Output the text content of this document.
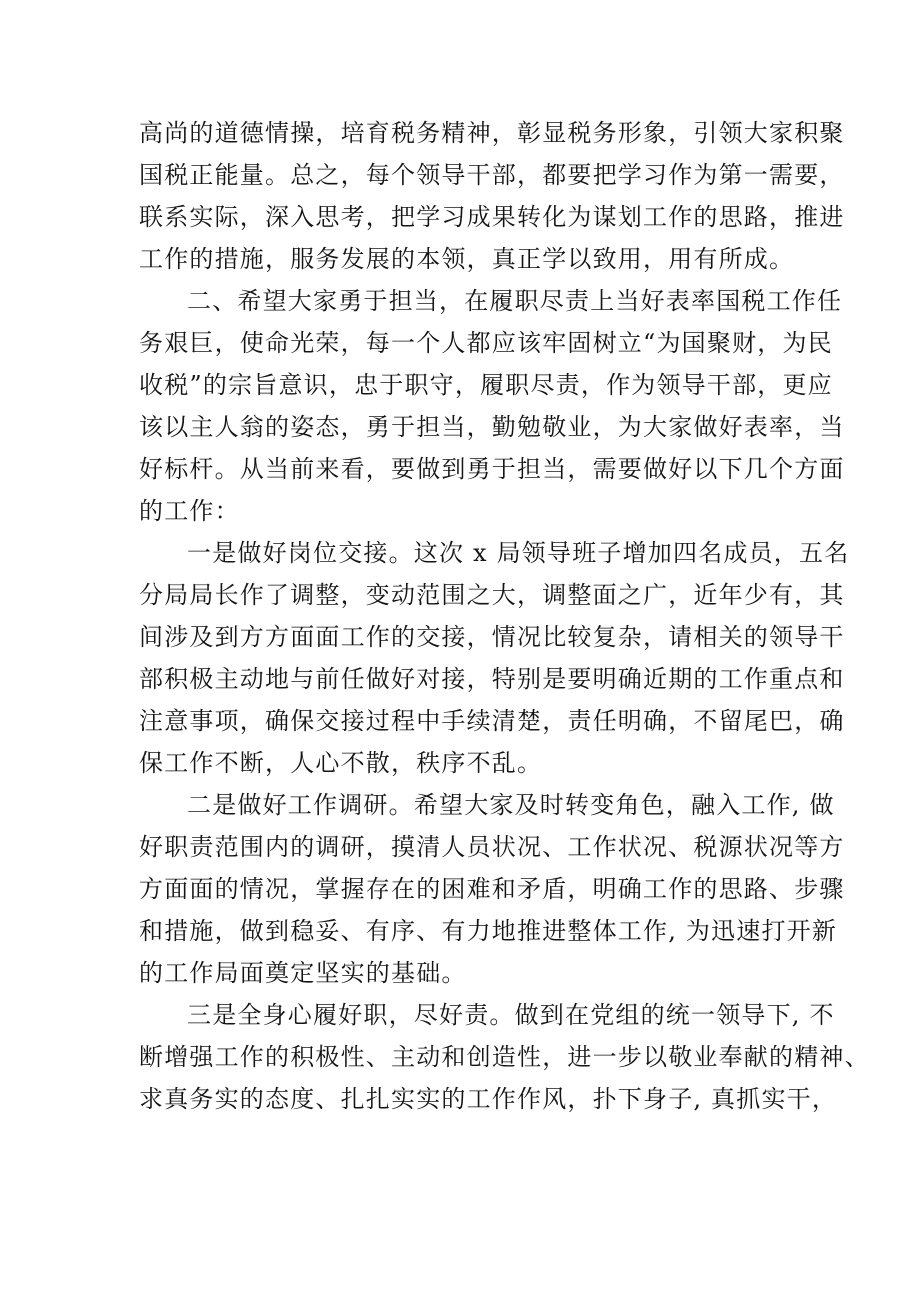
高尚的道德情操，培育税务精神，彰显税务形象，引领大家积聚
国税正能量。总之，每个领导干部，都要把学习作为第一需要，
联系实际，深入思考，把学习成果转化为谋划工作的思路，推进
工作的措施，服务发展的本领，真正学以致用，用有所成。
二、希望大家勇于担当，在履职尽责上当好表率国税工作任
务艰巨，使命光荣，每一个人都应该牢固树立“为国聚财，为民
收税”的宗旨意识，忠于职守，履职尽责，作为领导干部，更应
该以主人翁的姿态，勇于担当，勤勉敬业，为大家做好表率，当
好标杆。从当前来看，要做到勇于担当，需要做好以下几个方面
的工作：
一是做好岗位交接。这次 x 局领导班子增加四名成员，五名
分局局长作了调整，变动范围之大，调整面之广，近年少有，其
间涉及到方方面面工作的交接，情况比较复杂，请相关的领导干
部积极主动地与前任做好对接，特别是要明确近期的工作重点和
注意事项，确保交接过程中手续清楚，责任明确，不留尾巴，确
保工作不断，人心不散，秩序不乱。
二是做好工作调研。希望大家及时转变角色，融入工作, 做
好职责范围内的调研，摸清人员状况、工作状况、税源状况等方
方面面的情况，掌握存在的困难和矛盾，明确工作的思路、步骤
和措施，做到稳妥、有序、有力地推进整体工作, 为迅速打开新
的工作局面奠定坚实的基础。
三是全身心履好职，尽好责。做到在党组的统一领导下, 不
断增强工作的积极性、主动和创造性，进一步以敬业奉献的精神、
求真务实的态度、扎扎实实的工作作风，扑下身子, 真抓实干，
